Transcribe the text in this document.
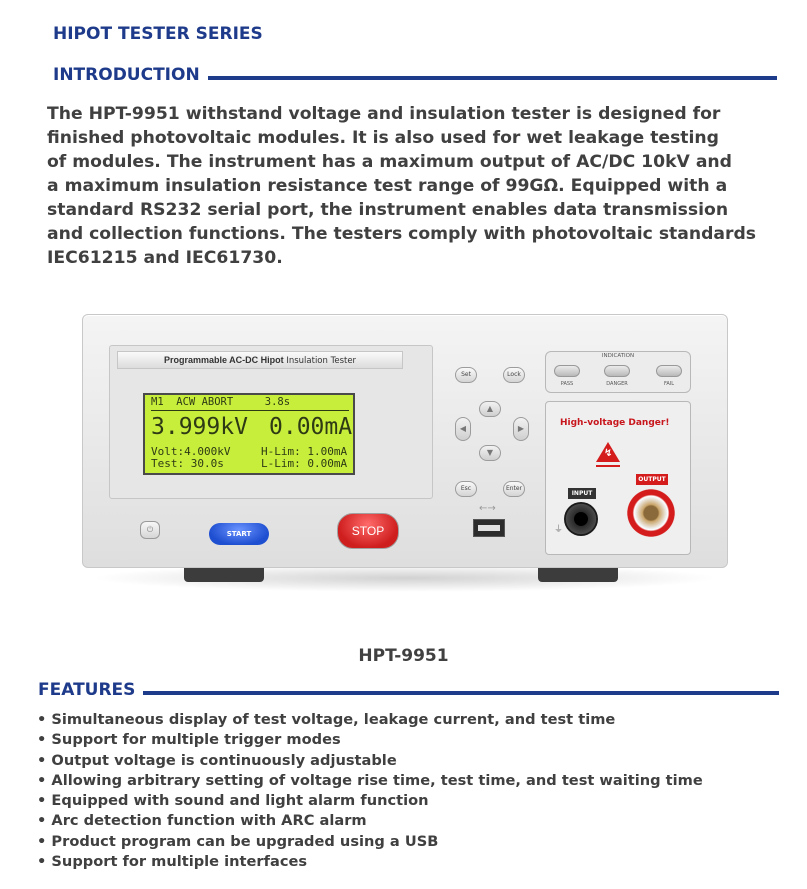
HIPOT TESTER SERIES
INTRODUCTION

The HPT-9951 withstand voltage and insulation tester is designed for
finished photovoltaic modules. It is also used for wet leakage testing
of modules. The instrument has a maximum output of AC/DC 10kV and
a maximum insulation resistance test range of 99GΩ. Equipped with a
standard RS232 serial port, the instrument enables data transmission
and collection functions. The testers comply with photovoltaic standards
IEC61215 and IEC61730.

Programmable AC-DC Hipot Insulation Tester
M1  ACW ABORT     3.8s
3.999kV 0.00mA
Volt:4.000kV	H-Lim: 1.00mA
Test: 30.0s	L-Lim: 0.00mA
Set	Lock
▲
◀	▶
▼
Esc	Enter
⏻	START	STOP
←→
INDICATION
PASS	DANGER	FAIL
High-voltage Danger!
↯
INPUT
OUTPUT
⏚
HPT-9951
FEATURES
• Simultaneous display of test voltage, leakage current, and test time
• Support for multiple trigger modes
• Output voltage is continuously adjustable
• Allowing arbitrary setting of voltage rise time, test time, and test waiting time
• Equipped with sound and light alarm function
• Arc detection function with ARC alarm
• Product program can be upgraded using a USB
• Support for multiple interfaces
